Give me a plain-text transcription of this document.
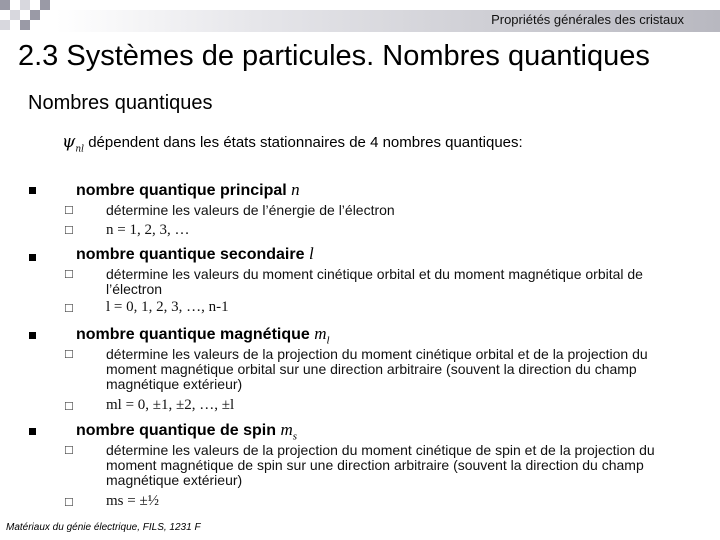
Propriétés générales des cristaux
2.3 Systèmes de particules. Nombres quantiques
Nombres quantiques
$\psi_{nl}$ dépendent dans les états stationnaires de 4 nombres quantiques:
nombre quantique principal n
☐ détermine les valeurs de l’énergie de l’électron
☐ n = 1, 2, 3, …
nombre quantique secondaire l
☐ détermine les valeurs du moment cinétique orbital et du moment magnétique orbital de l’électron
☐ l = 0, 1, 2, 3, …, n-1
nombre quantique magnétique $m_l$
☐ détermine les valeurs de la projection du moment cinétique orbital et de la projection du moment magnétique orbital sur une direction arbitraire (souvent la direction du champ magnétique extérieur)
☐ ml = 0, ±1, ±2, …, ±l
nombre quantique de spin $m_s$
☐ détermine les valeurs de la projection du moment cinétique de spin et de la projection du moment magnétique de spin sur une direction arbitraire (souvent la direction du champ magnétique extérieur)
☐ ms = ±½
Matériaux du génie électrique, FILS, 1231 F
